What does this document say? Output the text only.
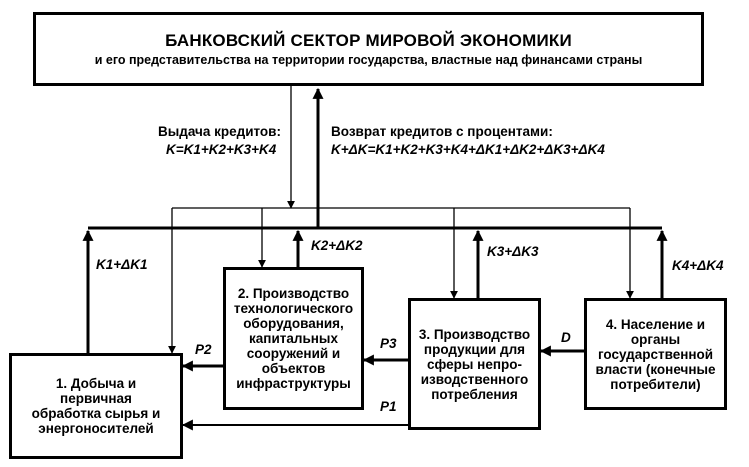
БАНКОВСКИЙ СЕКТОР МИРОВОЙ ЭКОНОМИКИ
и его представительства на территории государства, властные над финансами страны
Выдача кредитов:
K=K1+K2+K3+K4
Возврат кредитов с процентами:
K+ΔK=K1+K2+K3+K4+ΔK1+ΔK2+ΔK3+ΔK4
1. Добыча и
первичная
обработка сырья и
энергоносителей
2. Производство
технологического
оборудования,
капитальных
сооружений и
объектов
инфраструктуры
3. Производство
продукции для
сферы непро-
изводственного
потребления
4. Население и
органы
государственной
власти (конечные
потребители)
K1+ΔK1
K2+ΔK2	K3+ΔK3
K4+ΔK4
P2	P3
P1
D
